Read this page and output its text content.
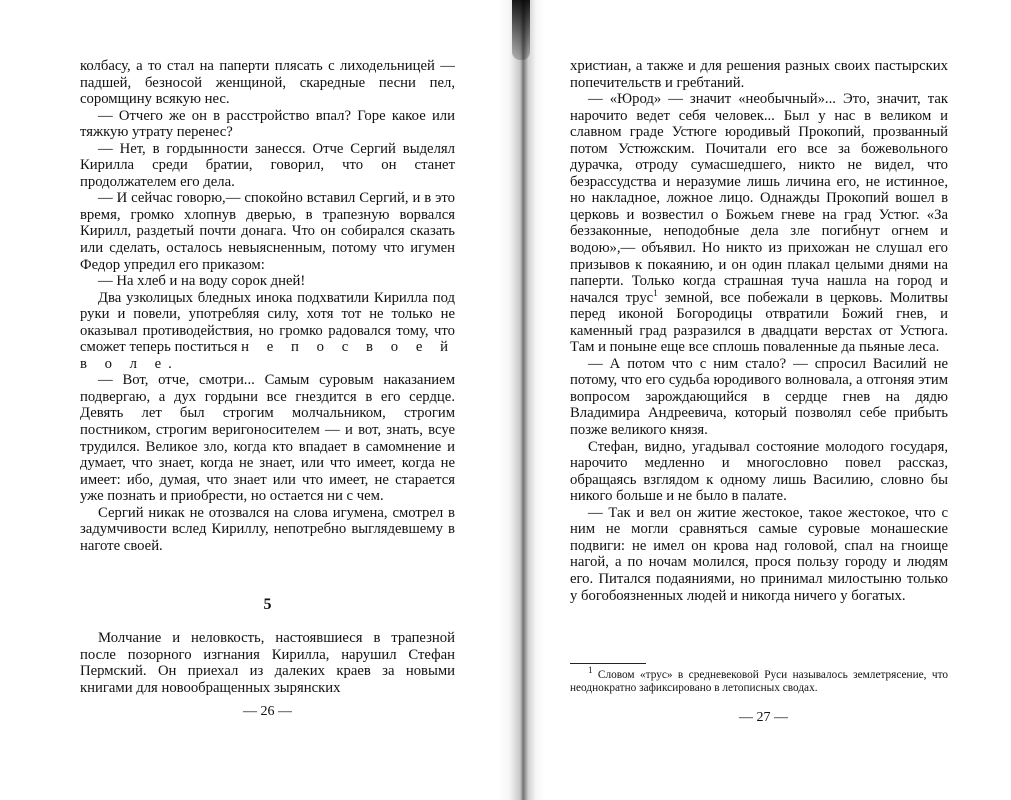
колбасу, а то стал на паперти плясать с лиходельницей — падшей, безносой женщиной, скаредные песни пел, соромщину всякую нес.

— Отчего же он в расстройство впал? Горе какое или тяжкую утрату перенес?

— Нет, в гордынности занесся. Отче Сергий выделял Кирилла среди братии, говорил, что он станет продолжателем его дела.

— И сейчас говорю,— спокойно вставил Сергий, и в это время, громко хлопнув дверью, в трапезную ворвался Кирилл, раздетый почти донага. Что он собирался сказать или сделать, осталось невыясненным, потому что игумен Федор упредил его приказом:

— На хлеб и на воду сорок дней!

Два узколицых бледных инока подхватили Кирилла под руки и повели, употребляя силу, хотя тот не только не оказывал противодействия, но громко радовался тому, что сможет теперь поститься н е п о с в о е й в о л е.

— Вот, отче, смотри... Самым суровым наказанием подвергаю, а дух гордыни все гнездится в его сердце. Девять лет был строгим молчальником, строгим постником, строгим веригоносителем — и вот, знать, всуе трудился. Великое зло, когда кто впадает в самомнение и думает, что знает, когда не знает, или что имеет, когда не имеет: ибо, думая, что знает или что имеет, не старается уже познать и приобрести, но остается ни с чем.

Сергий никак не отозвался на слова игумена, смотрел в задумчивости вслед Кириллу, непотребно выглядевшему в наготе своей.

5

Молчание и неловкость, настоявшиеся в трапезной после позорного изгнания Кирилла, нарушил Стефан Пермский. Он приехал из далеких краев за новыми книгами для новообращенных зырянских

— 26 —

христиан, а также и для решения разных своих пастырских попечительств и гребтаний.

— «Юрод» — значит «необычный»... Это, значит, так нарочито ведет себя человек... Был у нас в великом и славном граде Устюге юродивый Прокопий, прозванный потом Устюжским. Почитали его все за божевольного дурачка, отроду сумасшедшего, никто не видел, что безрассудства и неразумие лишь личина его, не истинное, но накладное, ложное лицо. Однажды Прокопий вошел в церковь и возвестил о Божьем гневе на град Устюг. «За беззаконные, неподобные дела зле погибнут огнем и водою»,— объявил. Но никто из прихожан не слушал его призывов к покаянию, и он один плакал целыми днями на паперти. Только когда страшная туча нашла на город и начался трус$^1$ земной, все побежали в церковь. Молитвы перед иконой Богородицы отвратили Божий гнев, и каменный град разразился в двадцати верстах от Устюга. Там и поныне еще все сплошь поваленные да пьяные леса.

— А потом что с ним стало? — спросил Василий не потому, что его судьба юродивого волновала, а отгоняя этим вопросом зарождающийся в сердце гнев на дядю Владимира Андреевича, который позволял себе прибыть позже великого князя.

Стефан, видно, угадывал состояние молодого государя, нарочито медленно и многословно повел рассказ, обращаясь взглядом к одному лишь Василию, словно бы никого больше и не было в палате.

— Так и вел он житие жестокое, такое жестокое, что с ним не могли сравняться самые суровые монашеские подвиги: не имел он крова над головой, спал на гноище нагой, а по ночам молился, прося пользу городу и людям его. Питался подаяниями, но принимал милостыню только у богобоязненных людей и никогда ничего у богатых.

$^1$ Словом «трус» в средневековой Руси называлось землетрясение, что неоднократно зафиксировано в летописных сводах.

— 27 —
